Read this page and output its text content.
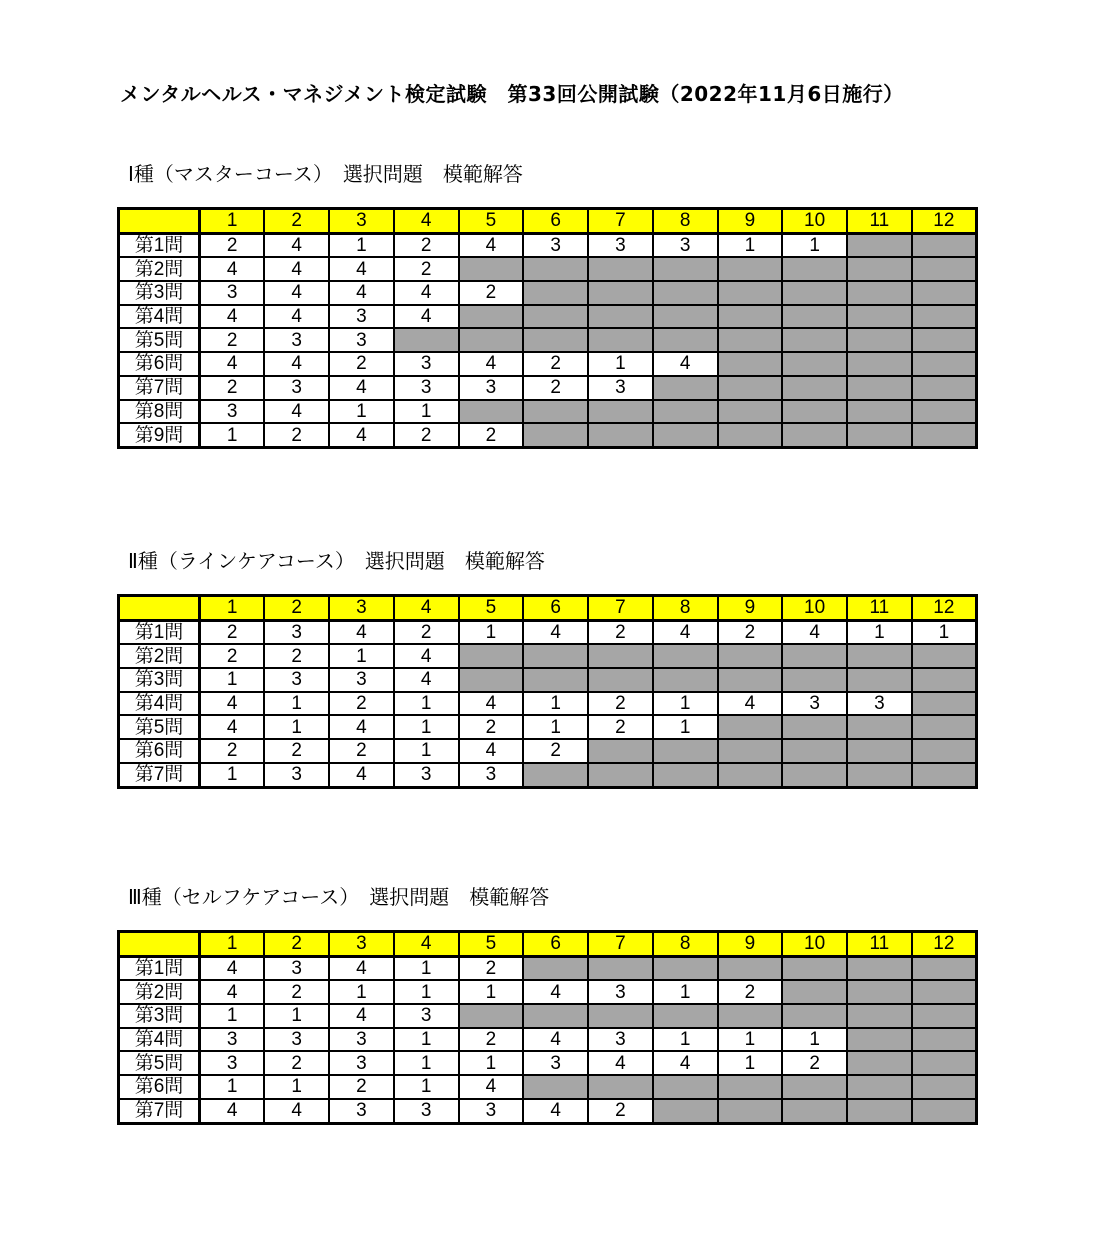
メンタルヘルス・マネジメント検定試験　第33回公開試験（2022年11月6日施行）
Ⅰ種（マスターコース）　選択問題　模範解答
	1	2	3	4	5	6	7	8	9	10	11	12
第1問	2	4	1	2	4	3	3	3	1	1		
第2問	4	4	4	2								
第3問	3	4	4	4	2							
第4問	4	4	3	4								
第5問	2	3	3									
第6問	4	4	2	3	4	2	1	4				
第7問	2	3	4	3	3	2	3					
第8問	3	4	1	1								
第9問	1	2	4	2	2							
Ⅱ種（ラインケアコース）　選択問題　模範解答
	1	2	3	4	5	6	7	8	9	10	11	12
第1問	2	3	4	2	1	4	2	4	2	4	1	1
第2問	2	2	1	4								
第3問	1	3	3	4								
第4問	4	1	2	1	4	1	2	1	4	3	3	
第5問	4	1	4	1	2	1	2	1				
第6問	2	2	2	1	4	2						
第7問	1	3	4	3	3							
Ⅲ種（セルフケアコース）　選択問題　模範解答
	1	2	3	4	5	6	7	8	9	10	11	12
第1問	4	3	4	1	2							
第2問	4	2	1	1	1	4	3	1	2			
第3問	1	1	4	3								
第4問	3	3	3	1	2	4	3	1	1	1		
第5問	3	2	3	1	1	3	4	4	1	2		
第6問	1	1	2	1	4							
第7問	4	4	3	3	3	4	2					
